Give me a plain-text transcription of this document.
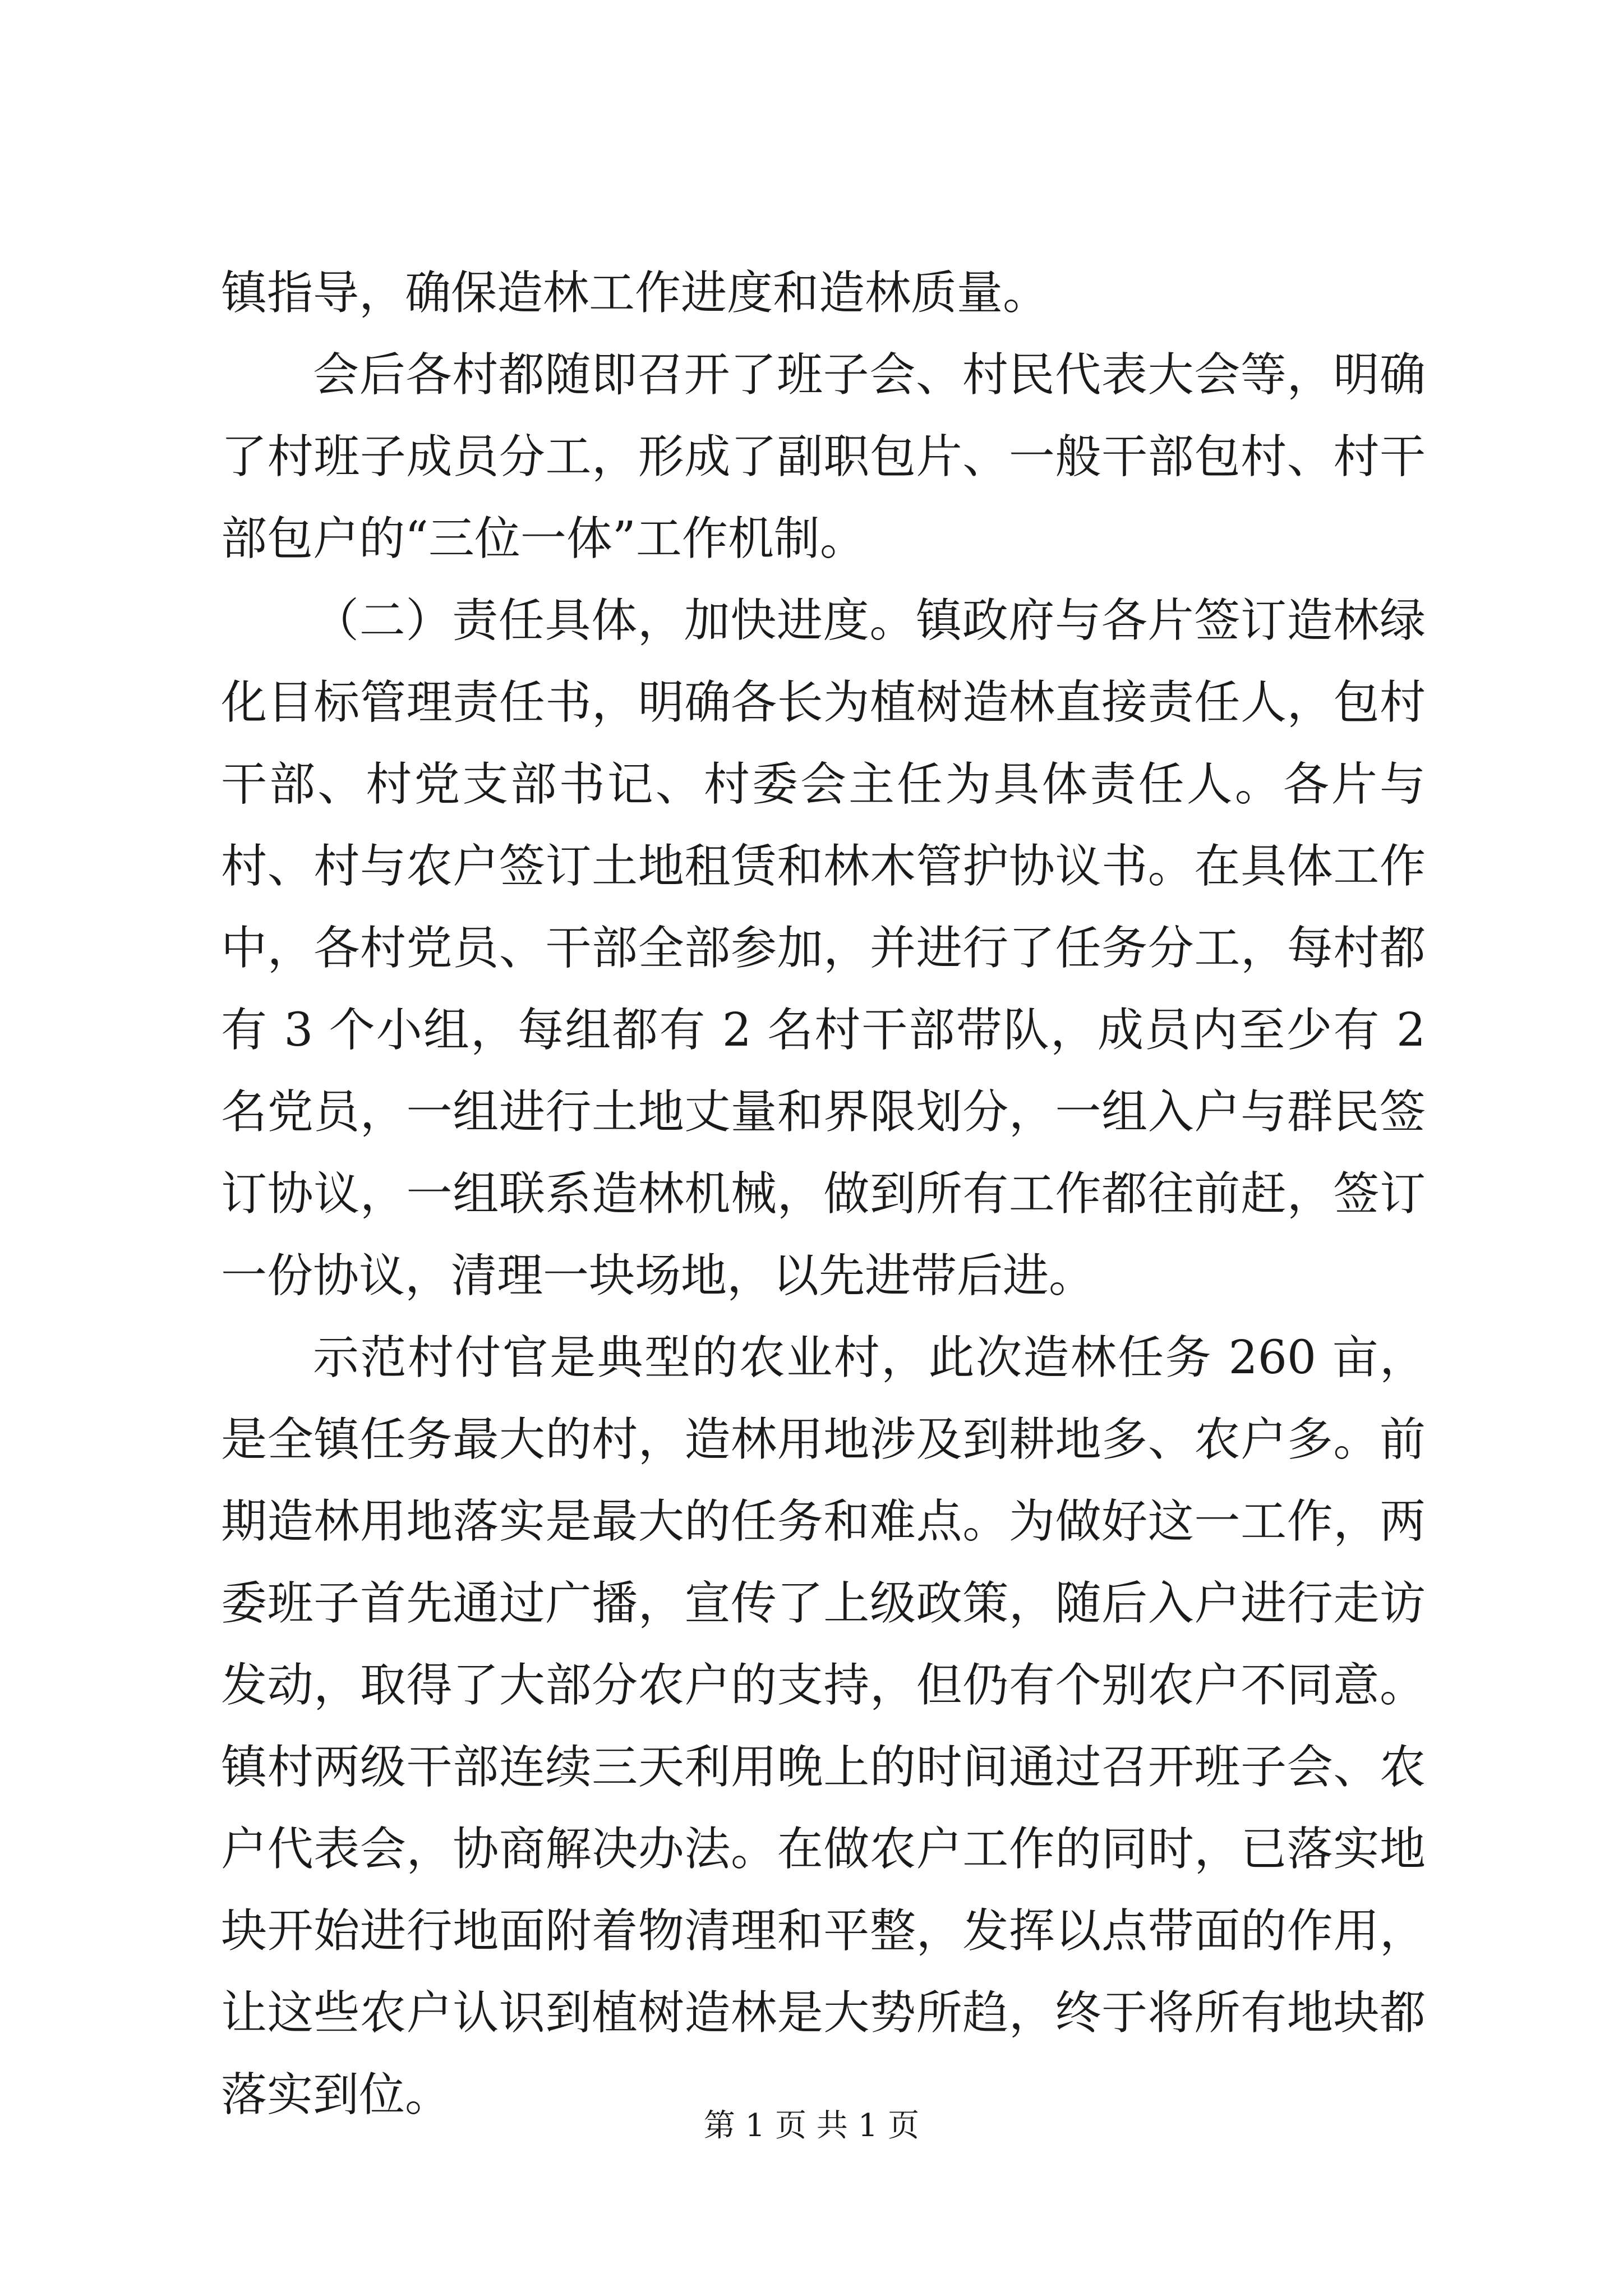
镇指导，确保造林工作进度和造林质量。

会后各村都随即召开了班子会、村民代表大会等，明确了村班子成员分工，形成了副职包片、一般干部包村、村干部包户的“三位一体”工作机制。

（二）责任具体，加快进度。镇政府与各片签订造林绿化目标管理责任书，明确各长为植树造林直接责任人，包村干部、村党支部书记、村委会主任为具体责任人。各片与村、村与农户签订土地租赁和林木管护协议书。在具体工作中，各村党员、干部全部参加，并进行了任务分工，每村都有 3 个小组，每组都有 2 名村干部带队，成员内至少有 2 名党员，一组进行土地丈量和界限划分，一组入户与群民签订协议，一组联系造林机械，做到所有工作都往前赶，签订一份协议，清理一块场地，以先进带后进。

示范村付官是典型的农业村，此次造林任务 260 亩，是全镇任务最大的村，造林用地涉及到耕地多、农户多。前期造林用地落实是最大的任务和难点。为做好这一工作，两委班子首先通过广播，宣传了上级政策，随后入户进行走访发动，取得了大部分农户的支持，但仍有个别农户不同意。镇村两级干部连续三天利用晚上的时间通过召开班子会、农户代表会，协商解决办法。在做农户工作的同时，已落实地块开始进行地面附着物清理和平整，发挥以点带面的作用，让这些农户认识到植树造林是大势所趋，终于将所有地块都落实到位。

第 1 页 共 1 页
